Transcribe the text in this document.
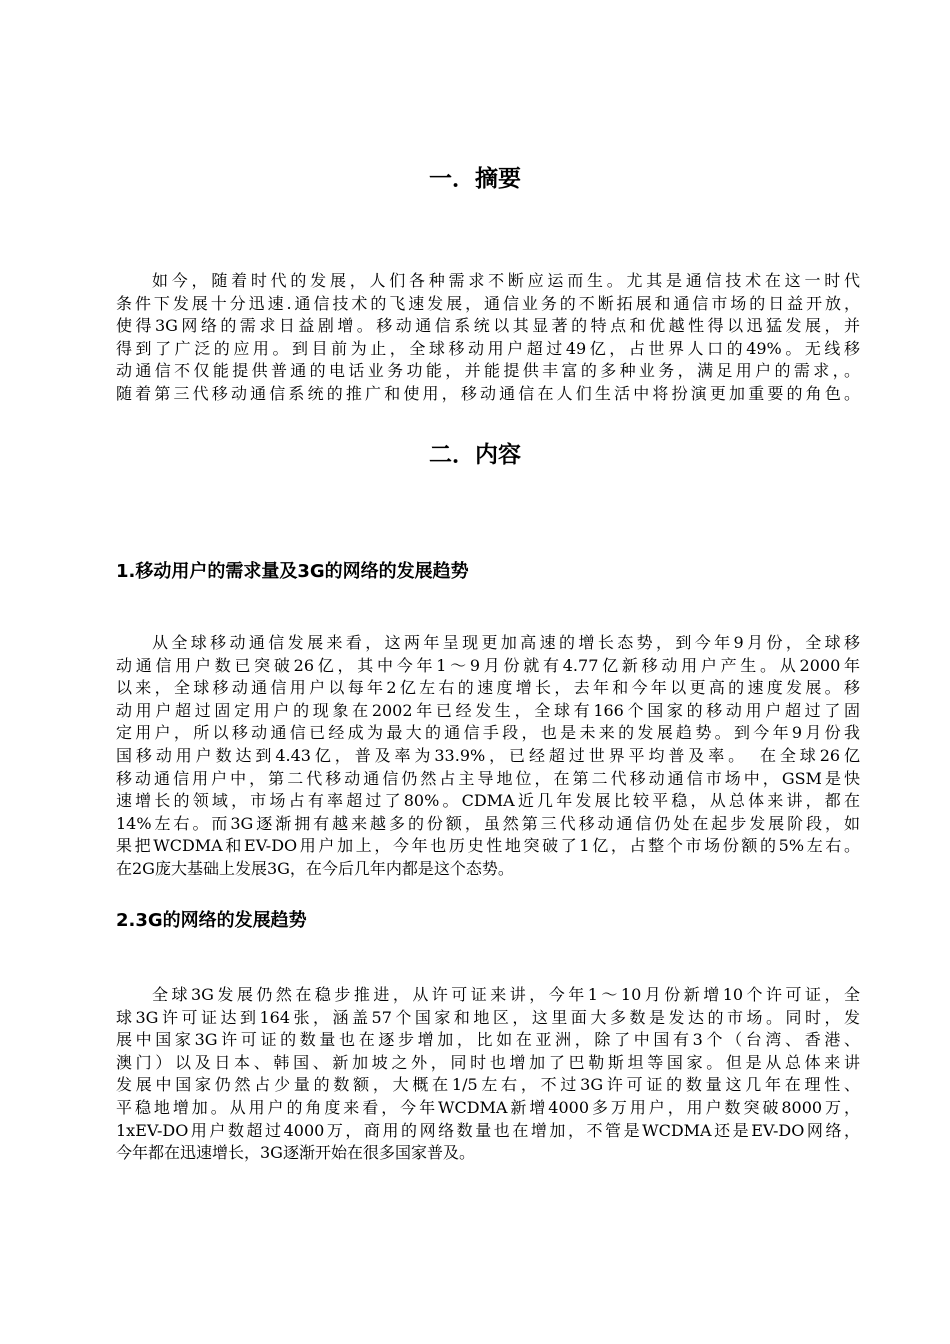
一．摘要
如今，随着时代的发展，人们各种需求不断应运而生。尤其是通信技术在这一时代
条件下发展十分迅速.通信技术的飞速发展，通信业务的不断拓展和通信市场的日益开放，
使得3G网络的需求日益剧增。移动通信系统以其显著的特点和优越性得以迅猛发展，并
得到了广泛的应用。到目前为止，全球移动用户超过49亿，占世界人口的49%。无线移
动通信不仅能提供普通的电话业务功能，并能提供丰富的多种业务，满足用户的需求，。
随着第三代移动通信系统的推广和使用，移动通信在人们生活中将扮演更加重要的角色。
二．内容
1.移动用户的需求量及3G的网络的发展趋势
从全球移动通信发展来看，这两年呈现更加高速的增长态势，到今年9月份，全球移
动通信用户数已突破26亿，其中今年1～9月份就有4.77亿新移动用户产生。从2000年
以来，全球移动通信用户以每年2亿左右的速度增长，去年和今年以更高的速度发展。移
动用户超过固定用户的现象在2002年已经发生，全球有166个国家的移动用户超过了固
定用户，所以移动通信已经成为最大的通信手段，也是未来的发展趋势。到今年9月份我
国移动用户数达到4.43亿，普及率为33.9%，已经超过世界平均普及率。　在全球26亿
移动通信用户中，第二代移动通信仍然占主导地位，在第二代移动通信市场中，GSM是快
速增长的领域，市场占有率超过了80%。CDMA近几年发展比较平稳，从总体来讲，都在
14%左右。而3G逐渐拥有越来越多的份额，虽然第三代移动通信仍处在起步发展阶段，如
果把WCDMA和EV-DO用户加上，今年也历史性地突破了1亿，占整个市场份额的5%左右。
在2G庞大基础上发展3G，在今后几年内都是这个态势。
2.3G的网络的发展趋势
全球3G发展仍然在稳步推进，从许可证来讲，今年1～10月份新增10个许可证，全
球3G许可证达到164张，涵盖57个国家和地区，这里面大多数是发达的市场。同时，发
展中国家3G许可证的数量也在逐步增加，比如在亚洲，除了中国有3个（台湾、香港、
澳门）以及日本、韩国、新加坡之外，同时也增加了巴勒斯坦等国家。但是从总体来讲
发展中国家仍然占少量的数额，大概在1/5左右，不过3G许可证的数量这几年在理性、
平稳地增加。从用户的角度来看，今年WCDMA新增4000多万用户，用户数突破8000万，
1xEV-DO用户数超过4000万，商用的网络数量也在增加，不管是WCDMA还是EV-DO网络，
今年都在迅速增长，3G逐渐开始在很多国家普及。
